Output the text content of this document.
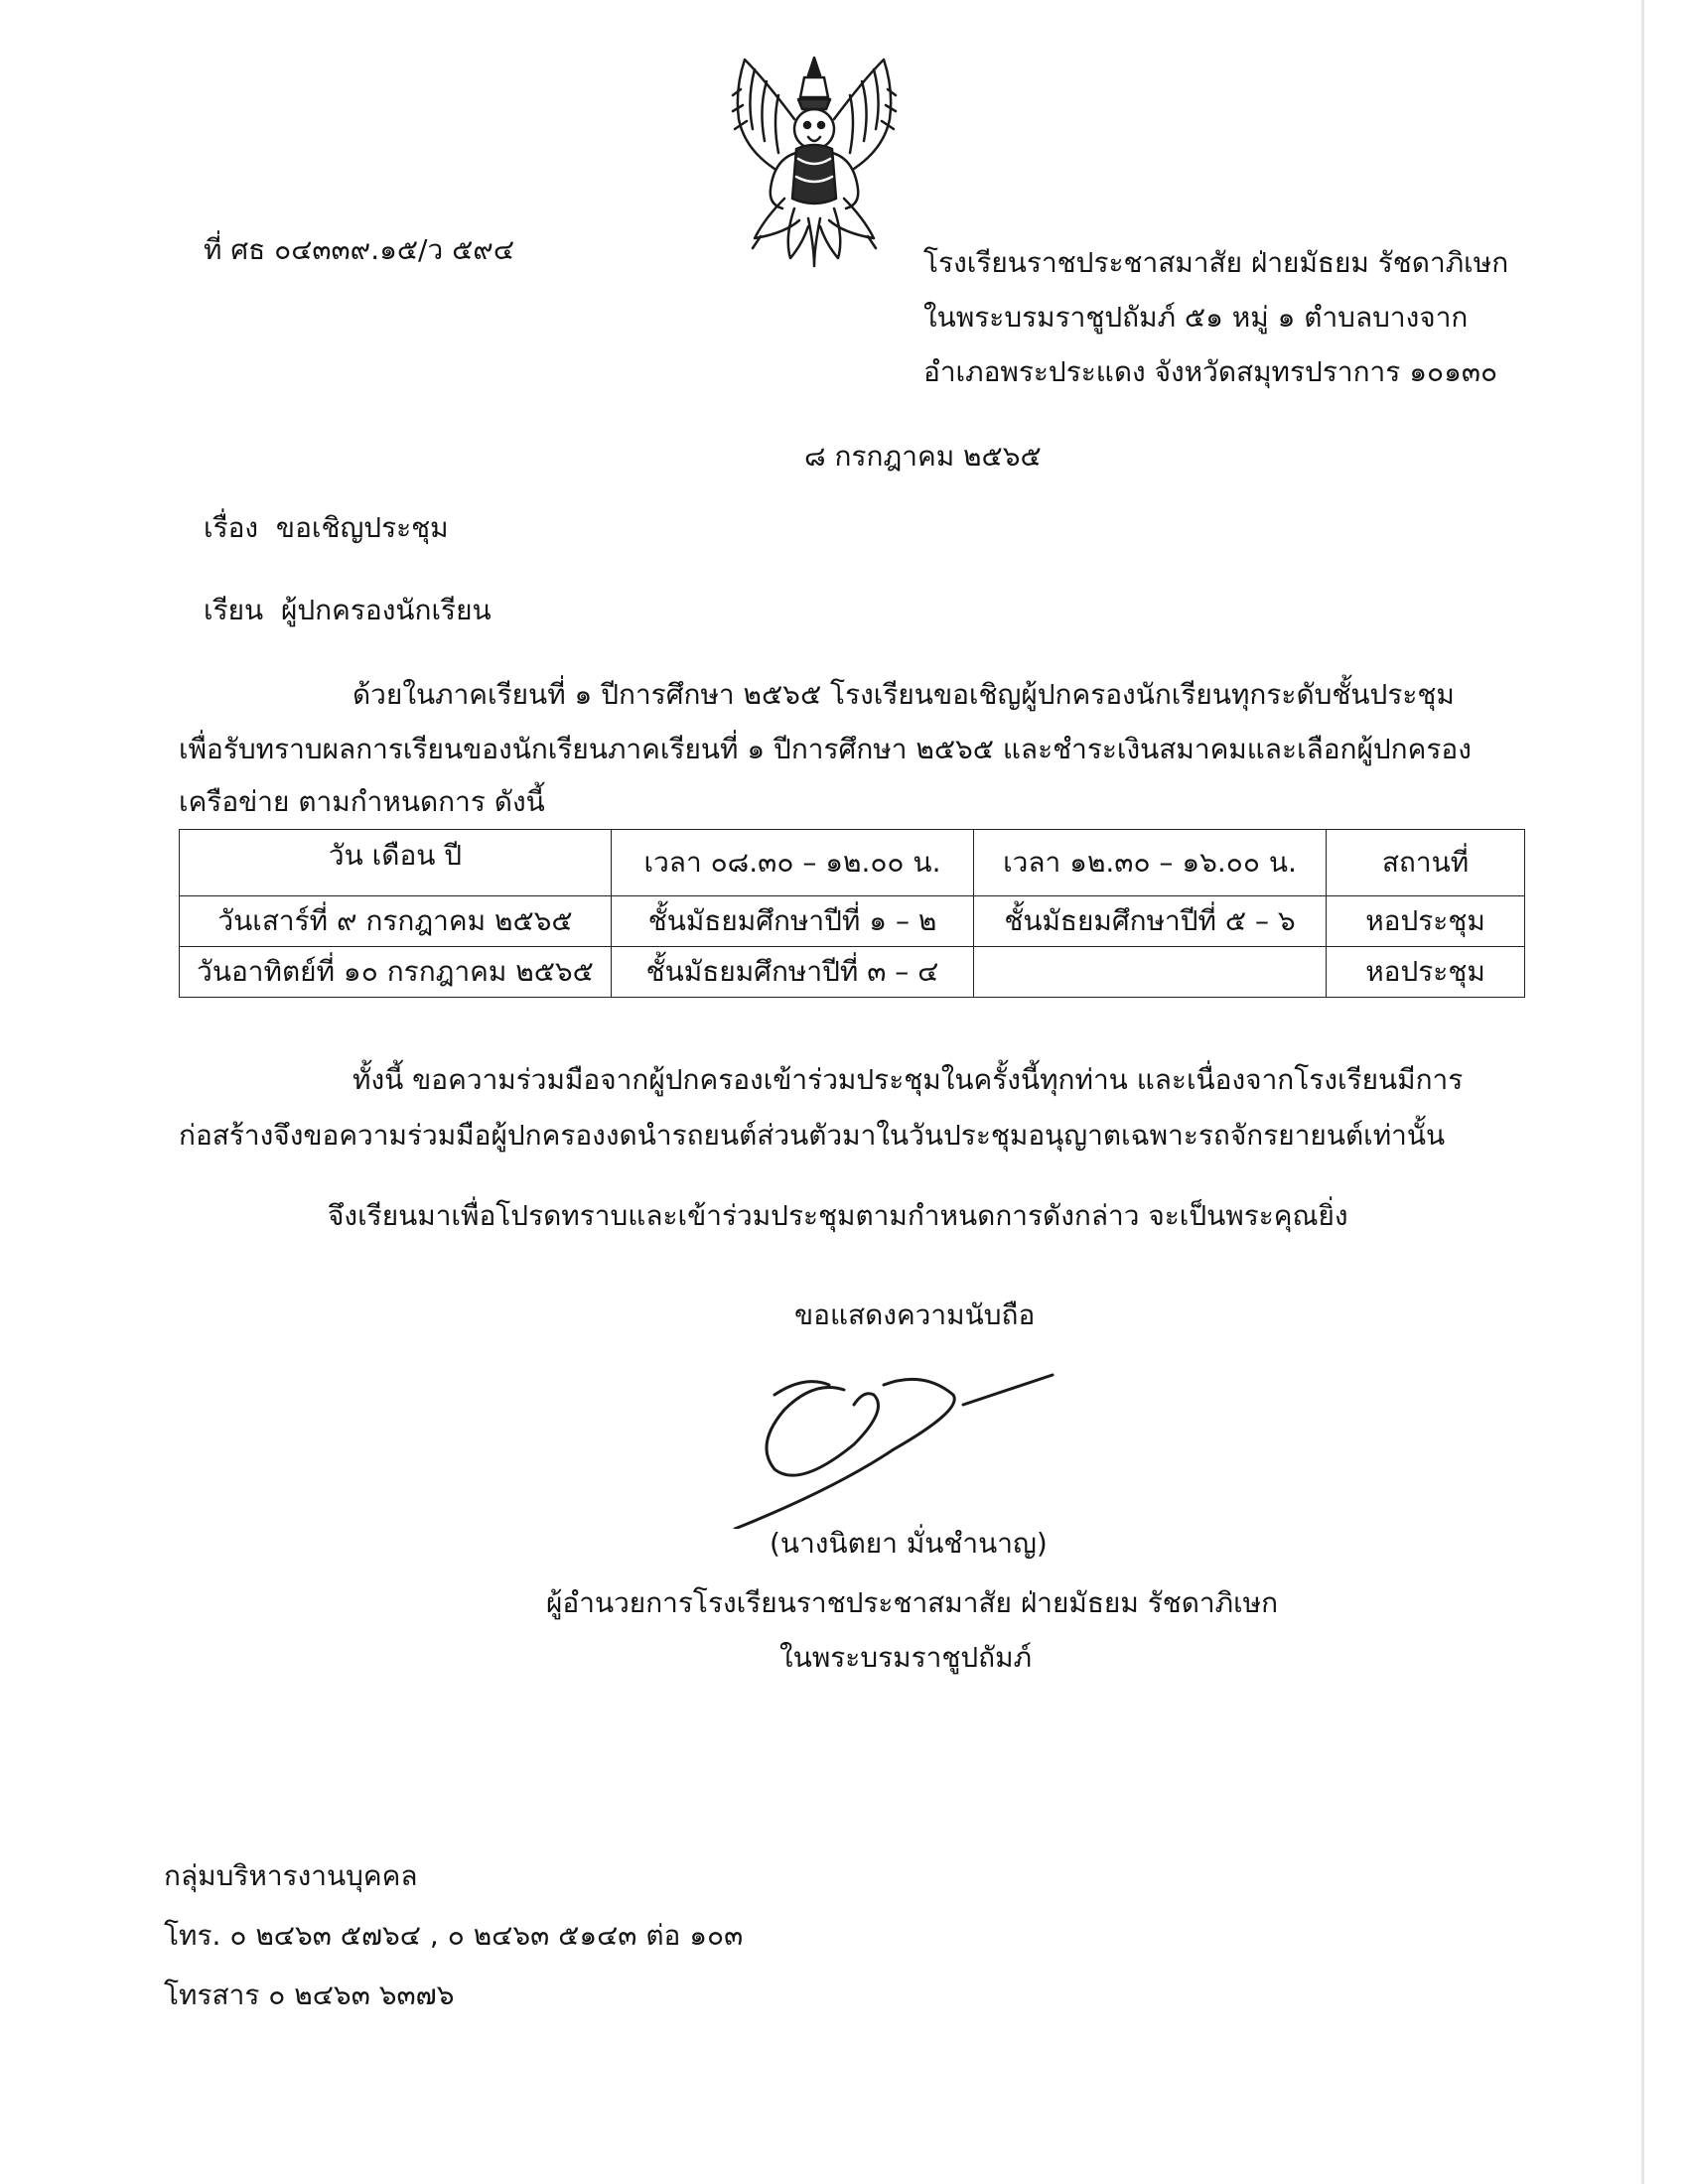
ที่ ศธ ๐๔๓๓๙.๑๕/ว ๕๙๔	โรงเรียนราชประชาสมาสัย ฝ่ายมัธยม รัชดาภิเษก
ในพระบรมราชูปถัมภ์ ๕๑ หมู่ ๑ ตำบลบางจาก
อำเภอพระประแดง จังหวัดสมุทรปราการ ๑๐๑๓๐
๘ กรกฎาคม ๒๕๖๕
เรื่อง ขอเชิญประชุม
เรียน ผู้ปกครองนักเรียน
ด้วยในภาคเรียนที่ ๑ ปีการศึกษา ๒๕๖๕ โรงเรียนขอเชิญผู้ปกครองนักเรียนทุกระดับชั้นประชุม
เพื่อรับทราบผลการเรียนของนักเรียนภาคเรียนที่ ๑ ปีการศึกษา ๒๕๖๕ และชำระเงินสมาคมและเลือกผู้ปกครอง
เครือข่าย ตามกำหนดการ ดังนี้
วัน เดือน ปี	เวลา ๐๘.๓๐ – ๑๒.๐๐ น.	เวลา ๑๒.๓๐ – ๑๖.๐๐ น.	สถานที่
วันเสาร์ที่ ๙ กรกฎาคม ๒๕๖๕	ชั้นมัธยมศึกษาปีที่ ๑ – ๒	ชั้นมัธยมศึกษาปีที่ ๕ – ๖	หอประชุม
วันอาทิตย์ที่ ๑๐ กรกฎาคม ๒๕๖๕	ชั้นมัธยมศึกษาปีที่ ๓ – ๔		หอประชุม
ทั้งนี้ ขอความร่วมมือจากผู้ปกครองเข้าร่วมประชุมในครั้งนี้ทุกท่าน และเนื่องจากโรงเรียนมีการ
ก่อสร้างจึงขอความร่วมมือผู้ปกครองงดนำรถยนต์ส่วนตัวมาในวันประชุมอนุญาตเฉพาะรถจักรยายนต์เท่านั้น
จึงเรียนมาเพื่อโปรดทราบและเข้าร่วมประชุมตามกำหนดการดังกล่าว จะเป็นพระคุณยิ่ง
ขอแสดงความนับถือ
(นางนิตยา มั่นชำนาญ)
ผู้อำนวยการโรงเรียนราชประชาสมาสัย ฝ่ายมัธยม รัชดาภิเษก
ในพระบรมราชูปถัมภ์
กลุ่มบริหารงานบุคคล
โทร. ๐ ๒๔๖๓ ๕๗๖๔ , ๐ ๒๔๖๓ ๕๑๔๓ ต่อ ๑๐๓
โทรสาร ๐ ๒๔๖๓ ๖๓๗๖
